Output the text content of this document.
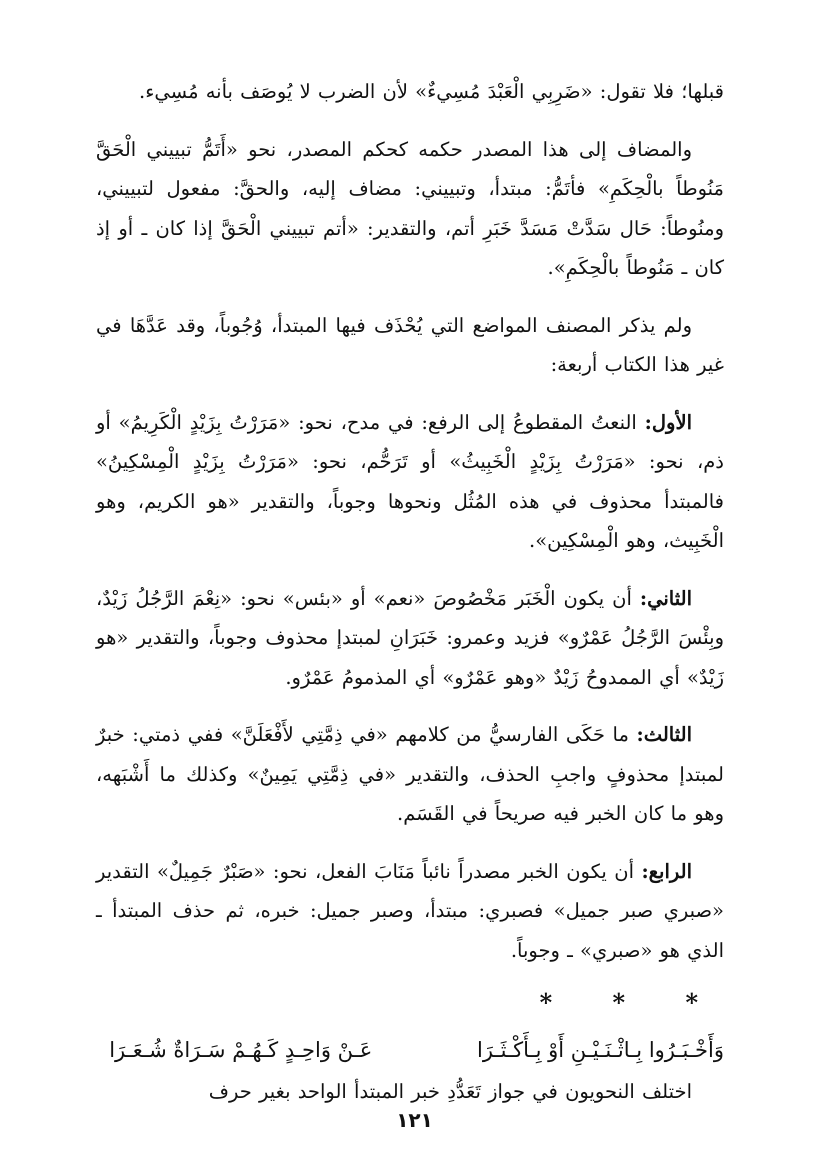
قبلها؛ فلا تقول: «ضَرِبِي الْعَبْدَ مُسِيءٌ» لأن الضرب لا يُوصَف بأنه مُسِيء.

والمضاف إلى هذا المصدر حكمه كحكم المصدر، نحو «أَتَمُّ تبييني الْحَقَّ مَنُوطاً بالْحِكَمِ» فأتَمُّ: مبتدأ، وتبييني: مضاف إليه، والحقَّ: مفعول لتبييني، ومنُوطاً: حَال سَدَّتْ مَسَدَّ خَبَرِ أتم، والتقدير: «أتم تبييني الْحَقَّ إذا كان ـ أو إذ كان ـ مَنُوطاً بالْحِكَمِ».

ولم يذكر المصنف المواضع التي يُحْذَف فيها المبتدأ، وُجُوباً، وقد عَدَّهَا في غير هذا الكتاب أربعة:

الأول: النعتُ المقطوعُ إلى الرفع: في مدح، نحو: «مَرَرْتُ بِزَيْدٍ الْكَرِيمُ» أو ذم، نحو: «مَرَرْتُ بِزَيْدٍ الْخَبِيثُ» أو تَرَحُّم، نحو: «مَرَرْتُ بِزَيْدٍ الْمِسْكِينُ» فالمبتدأ محذوف في هذه المُثُل ونحوها وجوباً، والتقدير «هو الكريم، وهو الْخَبِيث، وهو الْمِسْكِين».

الثاني: أن يكون الْخَبَر مَخْصُوصَ «نعم» أو «بئس» نحو: «نِعْمَ الرَّجُلُ زَيْدٌ، وبِئْسَ الرَّجُلُ عَمْرٌو» فزيد وعمرو: خَبَرَانِ لمبتدإ محذوف وجوباً، والتقدير «هو زَيْدٌ» أي الممدوحُ زَيْدٌ «وهو عَمْرٌو» أي المذمومُ عَمْرٌو.

الثالث: ما حَكَى الفارسيُّ من كلامهم «في ذِمَّتِي لأَفْعَلَنَّ» ففي ذمتي: خبرٌ لمبتدإ محذوفٍ واجبِ الحذف، والتقدير «في ذِمَّتِي يَمِينٌ» وكذلك ما أَشْبَهه، وهو ما كان الخبر فيه صريحاً في القَسَم.

الرابع: أن يكون الخبر مصدراً نائباً مَنَابَ الفعل، نحو: «صَبْرٌ جَمِيلٌ» التقدير «صبري صبر جميل» فصبري: مبتدأ، وصبر جميل: خبره، ثم حذف المبتدأ ـ الذي هو «صبري» ـ وجوباً.

* * *
وَأَخْـبَـرُوا بِـاثْـنَـيْـنِ أَوْ بِـأَكْـثَـرَا
عَـنْ وَاحِـدٍ كَـهُـمْ سَـرَاةٌ شُـعَـرَا

اختلف النحويون في جواز تَعَدُّدِ خبر المبتدأ الواحد بغير حرف

١٢١
